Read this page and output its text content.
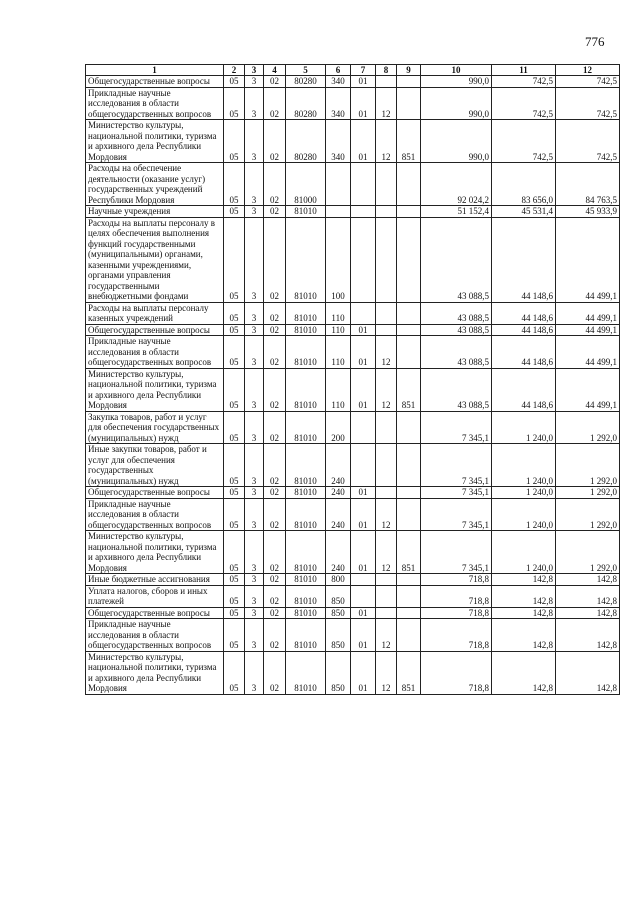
776
1	2	3	4	5	6	7	8	9	10	11	12
Общегосударственные вопросы	05	3	02	80280	340	01			990,0	742,5	742,5
Прикладные научные исследования в области общегосударственных вопросов	05	3	02	80280	340	01	12		990,0	742,5	742,5
Министерство культуры, национальной политики, туризма и архивного дела Республики Мордовия	05	3	02	80280	340	01	12	851	990,0	742,5	742,5
Расходы на обеспечение деятельности (оказание услуг) государственных учреждений Республики Мордовия	05	3	02	81000					92 024,2	83 656,0	84 763,5
Научные учреждения	05	3	02	81010					51 152,4	45 531,4	45 933,9
Расходы на выплаты персоналу в целях обеспечения выполнения функций государственными (муниципальными) органами, казенными учреждениями, органами управления государственными внебюджетными фондами	05	3	02	81010	100				43 088,5	44 148,6	44 499,1
Расходы на выплаты персоналу казенных учреждений	05	3	02	81010	110				43 088,5	44 148,6	44 499,1
Общегосударственные вопросы	05	3	02	81010	110	01			43 088,5	44 148,6	44 499,1
Прикладные научные исследования в области общегосударственных вопросов	05	3	02	81010	110	01	12		43 088,5	44 148,6	44 499,1
Министерство культуры, национальной политики, туризма и архивного дела Республики Мордовия	05	3	02	81010	110	01	12	851	43 088,5	44 148,6	44 499,1
Закупка товаров, работ и услуг для обеспечения государственных (муниципальных) нужд	05	3	02	81010	200				7 345,1	1 240,0	1 292,0
Иные закупки товаров, работ и услуг для обеспечения государственных (муниципальных) нужд	05	3	02	81010	240				7 345,1	1 240,0	1 292,0
Общегосударственные вопросы	05	3	02	81010	240	01			7 345,1	1 240,0	1 292,0
Прикладные научные исследования в области общегосударственных вопросов	05	3	02	81010	240	01	12		7 345,1	1 240,0	1 292,0
Министерство культуры, национальной политики, туризма и архивного дела Республики Мордовия	05	3	02	81010	240	01	12	851	7 345,1	1 240,0	1 292,0
Иные бюджетные ассигнования	05	3	02	81010	800				718,8	142,8	142,8
Уплата налогов, сборов и иных платежей	05	3	02	81010	850				718,8	142,8	142,8
Общегосударственные вопросы	05	3	02	81010	850	01			718,8	142,8	142,8
Прикладные научные исследования в области общегосударственных вопросов	05	3	02	81010	850	01	12		718,8	142,8	142,8
Министерство культуры, национальной политики, туризма и архивного дела Республики Мордовия	05	3	02	81010	850	01	12	851	718,8	142,8	142,8
